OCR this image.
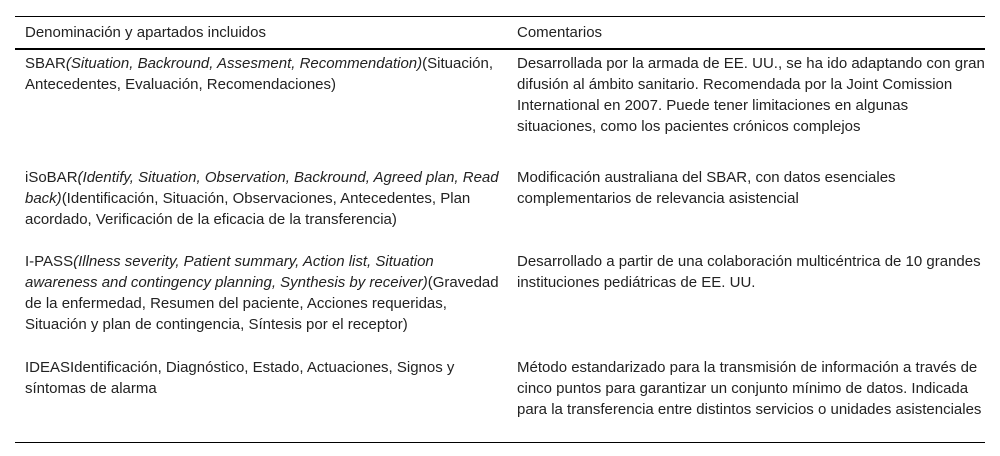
Denominación y apartados incluidos	Comentarios
SBAR(Situation, Backround, Assesment, Recommendation)(Situación, Antecedentes, Evaluación, Recomendaciones)
Desarrollada por la armada de EE. UU., se ha ido adaptando con gran difusión al ámbito sanitario. Recomendada por la Joint Comission International en 2007. Puede tener limitaciones en algunas situaciones, como los pacientes crónicos complejos
iSoBAR(Identify, Situation, Observation, Backround, Agreed plan, Read back)(Identificación, Situación, Observaciones, Antecedentes, Plan acordado, Verificación de la eficacia de la transferencia)
Modificación australiana del SBAR, con datos esenciales complementarios de relevancia asistencial
I-PASS(Illness severity, Patient summary, Action list, Situation awareness and contingency planning, Synthesis by receiver)(Gravedad de la enfermedad, Resumen del paciente, Acciones requeridas, Situación y plan de contingencia, Síntesis por el receptor)
Desarrollado a partir de una colaboración multicéntrica de 10 grandes instituciones pediátricas de EE. UU.
IDEASIdentificación, Diagnóstico, Estado, Actuaciones, Signos y síntomas de alarma
Método estandarizado para la transmisión de información a través de cinco puntos para garantizar un conjunto mínimo de datos. Indicada para la transferencia entre distintos servicios o unidades asistenciales
